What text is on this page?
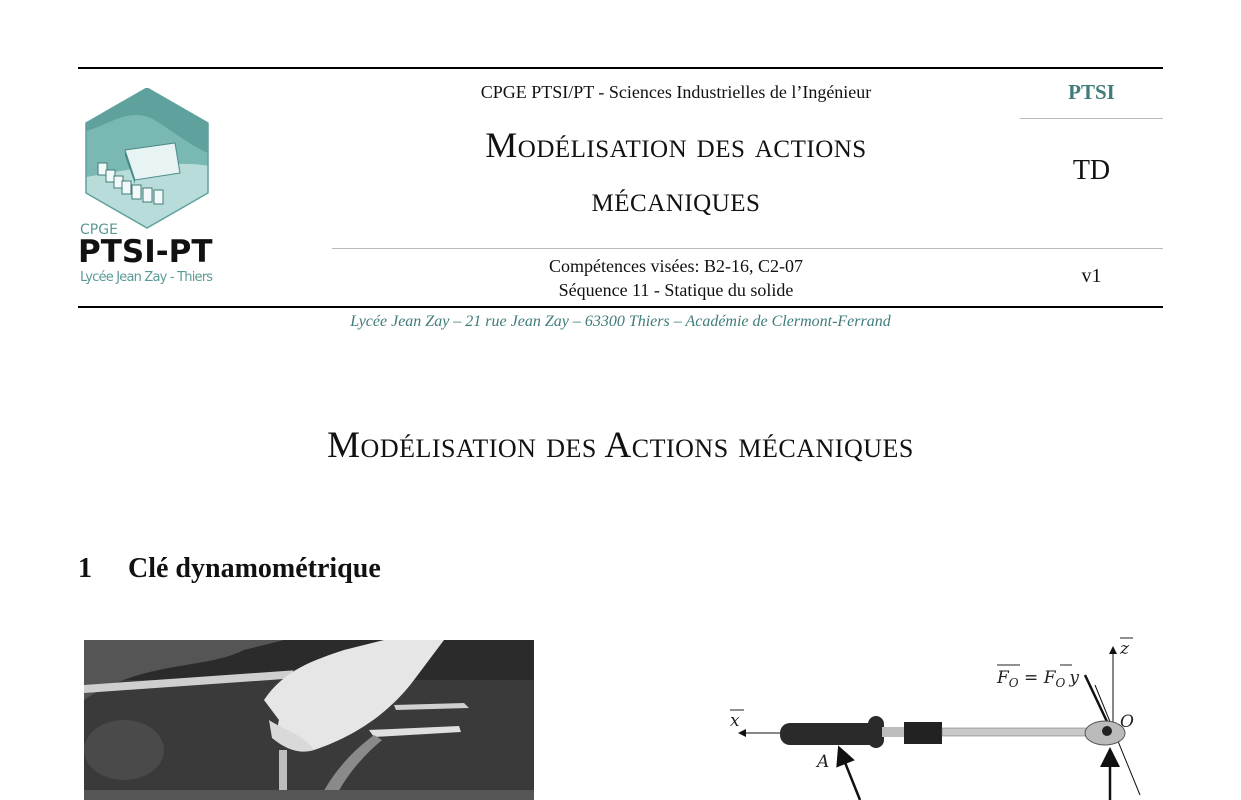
CPGE
PTSI-PT
Lycée Jean Zay - Thiers
CPGE PTSI/PT - Sciences Industrielles de l’Ingénieur
Modélisation des actions
mécaniques
Compétences visées: B2-16, C2-07
Séquence 11 - Statique du solide
PTSI
TD
v1
Lycée Jean Zay – 21 rue Jean Zay – 63300 Thiers – Académie de Clermont-Ferrand
Modélisation des Actions mécaniques
1 Clé dynamométrique
x
z
O
A
$F_O = F_O$ y
